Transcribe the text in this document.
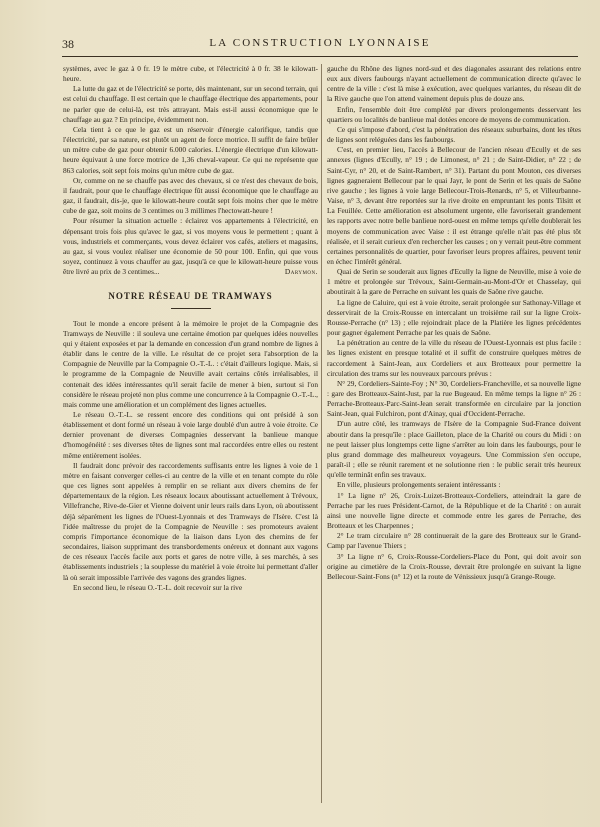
38	LA CONSTRUCTION LYONNAISE

systèmes, avec le gaz à 0 fr. 19 le mètre cube, et l'électricité à 0 fr. 38 le kilowatt-heure.

La lutte du gaz et de l'électricité se porte, dès maintenant, sur un second terrain, qui est celui du chauffage. Il est certain que le chauffage électrique des appartements, pour ne parler que de celui-là, est très attrayant. Mais est-il aussi économique que le chauffage au gaz ? En principe, évidemment non.

Cela tient à ce que le gaz est un réservoir d'énergie calorifique, tandis que l'électricité, par sa nature, est plutôt un agent de force motrice. Il suffit de faire brûler un mètre cube de gaz pour obtenir 6.000 calories. L'énergie électrique d'un kilowatt-heure équivaut à une force motrice de 1,36 cheval-vapeur. Ce qui ne représente que 863 calories, soit sept fois moins qu'un mètre cube de gaz.

Or, comme on ne se chauffe pas avec des chevaux, si ce n'est des chevaux de bois, il faudrait, pour que le chauffage électrique fût aussi économique que le chauffage au gaz, il faudrait, dis-je, que le kilowatt-heure coutât sept fois moins cher que le mètre cube de gaz, soit moins de 3 centimes ou 3 millimes l'hectowatt-heure !

Pour résumer la situation actuelle : éclairez vos appartements à l'électricité, en dépensant trois fois plus qu'avec le gaz, si vos moyens vous le permettent ; quant à vous, industriels et commerçants, vous devez éclairer vos cafés, ateliers et magasins, au gaz, si vous voulez réaliser une économie de 50 pour 100. Enfin, qui que vous soyez, continuez à vous chauffer au gaz, jusqu'à ce que le kilowatt-heure puisse vous être livré au prix de 3 centimes...	Darymon.
NOTRE RÉSEAU DE TRAMWAYS

Tout le monde a encore présent à la mémoire le projet de la Compagnie des Tramways de Neuville : il souleva une certaine émotion par quelques idées nouvelles qui y étaient exposées et par la demande en concession d'un grand nombre de lignes à établir dans le centre de la ville. Le résultat de ce projet sera l'absorption de la Compagnie de Neuville par la Compagnie O.-T.-L. : c'était d'ailleurs logique. Mais, si le programme de la Compagnie de Neuville avait certains côtés irréalisables, il contenait des idées intéressantes qu'il serait facile de mener à bien, surtout si l'on considère le réseau projeté non plus comme une concurrence à la Compagnie O.-T.-L., mais comme une amélioration et un complément des lignes actuelles.

Le réseau O.-T.-L. se ressent encore des conditions qui ont présidé à son établissement et dont formé un réseau à voie large doublé d'un autre à voie étroite. Ce dernier provenant de diverses Compagnies desservant la banlieue manque d'homogénéité : ses diverses têtes de lignes sont mal raccordées entre elles ou restent même entièrement isolées.

Il faudrait donc prévoir des raccordements suffisants entre les lignes à voie de 1 mètre en faisant converger celles-ci au centre de la ville et en tenant compte du rôle que ces lignes sont appelées à remplir en se reliant aux divers chemins de fer départementaux de la région. Les réseaux locaux aboutissant actuellement à Trévoux, Villefranche, Rive-de-Gier et Vienne doivent unir leurs rails dans Lyon, où aboutissent déjà séparément les lignes de l'Ouest-Lyonnais et des Tramways de l'Isère. C'est là l'idée maîtresse du projet de la Compagnie de Neuville : ses promoteurs avaient compris l'importance économique de la liaison dans Lyon des chemins de fer secondaires, liaison supprimant des transbordements onéreux et donnant aux vagons de ces réseaux l'accès facile aux ports et gares de notre ville, à ses marchés, à ses établissements industriels ; la souplesse du matériel à voie étroite lui permettant d'aller là où serait impossible l'arrivée des vagons des grandes lignes.

En second lieu, le réseau O.-T.-L. doit recevoir sur la rive

gauche du Rhône des lignes nord-sud et des diagonales assurant des relations entre eux aux divers faubourgs n'ayant actuellement de communication directe qu'avec le centre de la ville : c'est là mise à exécution, avec quelques variantes, du réseau dit de la Rive gauche que l'on attend vainement depuis plus de douze ans.

Enfin, l'ensemble doit être complété par divers prolongements desservant les quartiers ou localités de banlieue mal dotées encore de moyens de communication.

Ce qui s'impose d'abord, c'est la pénétration des réseaux suburbains, dont les têtes de lignes sont reléguées dans les faubourgs.

C'est, en premier lieu, l'accès à Bellecour de l'ancien réseau d'Ecully et de ses annexes (lignes d'Ecully, n° 19 ; de Limonest, n° 21 ; de Saint-Didier, n° 22 ; de Saint-Cyr, n° 20, et de Saint-Rambert, n° 31). Partant du pont Mouton, ces diverses lignes gagneraient Bellecour par le quai Jayr, le pont de Serin et les quais de Saône rive gauche ; les lignes à voie large Bellecour-Trois-Renards, n° 5, et Villeurbanne-Vaise, n° 3, devant être reportées sur la rive droite en empruntant les ponts Tilsitt et La Feuillée. Cette amélioration est absolument urgente, elle favoriserait grandement les rapports avec notre belle banlieue nord-ouest en même temps qu'elle doublerait les moyens de communication avec Vaise : il est étrange qu'elle n'ait pas été plus tôt réalisée, et il serait curieux d'en rechercher les causes ; on y verrait peut-être comment certaines personnalités de quartier, pour favoriser leurs propres affaires, peuvent tenir en échec l'intérêt général.

Quai de Serin se souderait aux lignes d'Ecully la ligne de Neuville, mise à voie de 1 mètre et prolongée sur Trévoux, Saint-Germain-au-Mont-d'Or et Chasselay, qui aboutirait à la gare de Perrache en suivant les quais de Saône rive gauche.

La ligne de Caluire, qui est à voie étroite, serait prolongée sur Sathonay-Village et desservirait de la Croix-Rousse en intercalant un troisième rail sur la ligne Croix-Rousse-Perrache (n° 13) ; elle rejoindrait place de la Platière les lignes précédentes pour gagner également Perrache par les quais de Saône.

La pénétration au centre de la ville du réseau de l'Ouest-Lyonnais est plus facile : les lignes existent en presque totalité et il suffit de construire quelques mètres de raccordement à Saint-Jean, aux Cordeliers et aux Brotteaux pour permettre la circulation des trams sur les nouveaux parcours prévus :

N° 29, Cordeliers-Sainte-Foy ; N° 30, Cordeliers-Francheville, et sa nouvelle ligne : gare des Brotteaux-Saint-Just, par la rue Bugeaud. En même temps la ligne n° 26 : Perrache-Brotteaux-Parc-Saint-Jean serait transformée en circulaire par la jonction Saint-Jean, quai Fulchiron, pont d'Ainay, quai d'Occident-Perrache.

D'un autre côté, les tramways de l'Isère de la Compagnie Sud-France doivent aboutir dans la presqu'île : place Gailleton, place de la Charité ou cours du Midi : on ne peut laisser plus longtemps cette ligne s'arrêter au loin dans les faubourgs, pour le plus grand dommage des malheureux voyageurs. Une Commission s'en occupe, paraît-il ; elle se réunit rarement et ne solutionne rien : le public serait très heureux qu'elle terminât enfin ses travaux.

En ville, plusieurs prolongements seraient intéressants :

1° La ligne n° 26, Croix-Luizet-Brotteaux-Cordeliers, atteindrait la gare de Perrache par les rues Président-Carnot, de la République et de la Charité : on aurait ainsi une nouvelle ligne directe et commode entre les gares de Perrache, des Brotteaux et les Charpennes ;

2° Le tram circulaire n° 28 continuerait de la gare des Brotteaux sur le Grand-Camp par l'avenue Thiers ;

3° La ligne n° 6, Croix-Rousse-Cordeliers-Place du Pont, qui doit avoir son origine au cimetière de la Croix-Rousse, devrait être prolongée en suivant la ligne Bellecour-Saint-Fons (n° 12) et la route de Vénissieux jusqu'à Grange-Rouge.
